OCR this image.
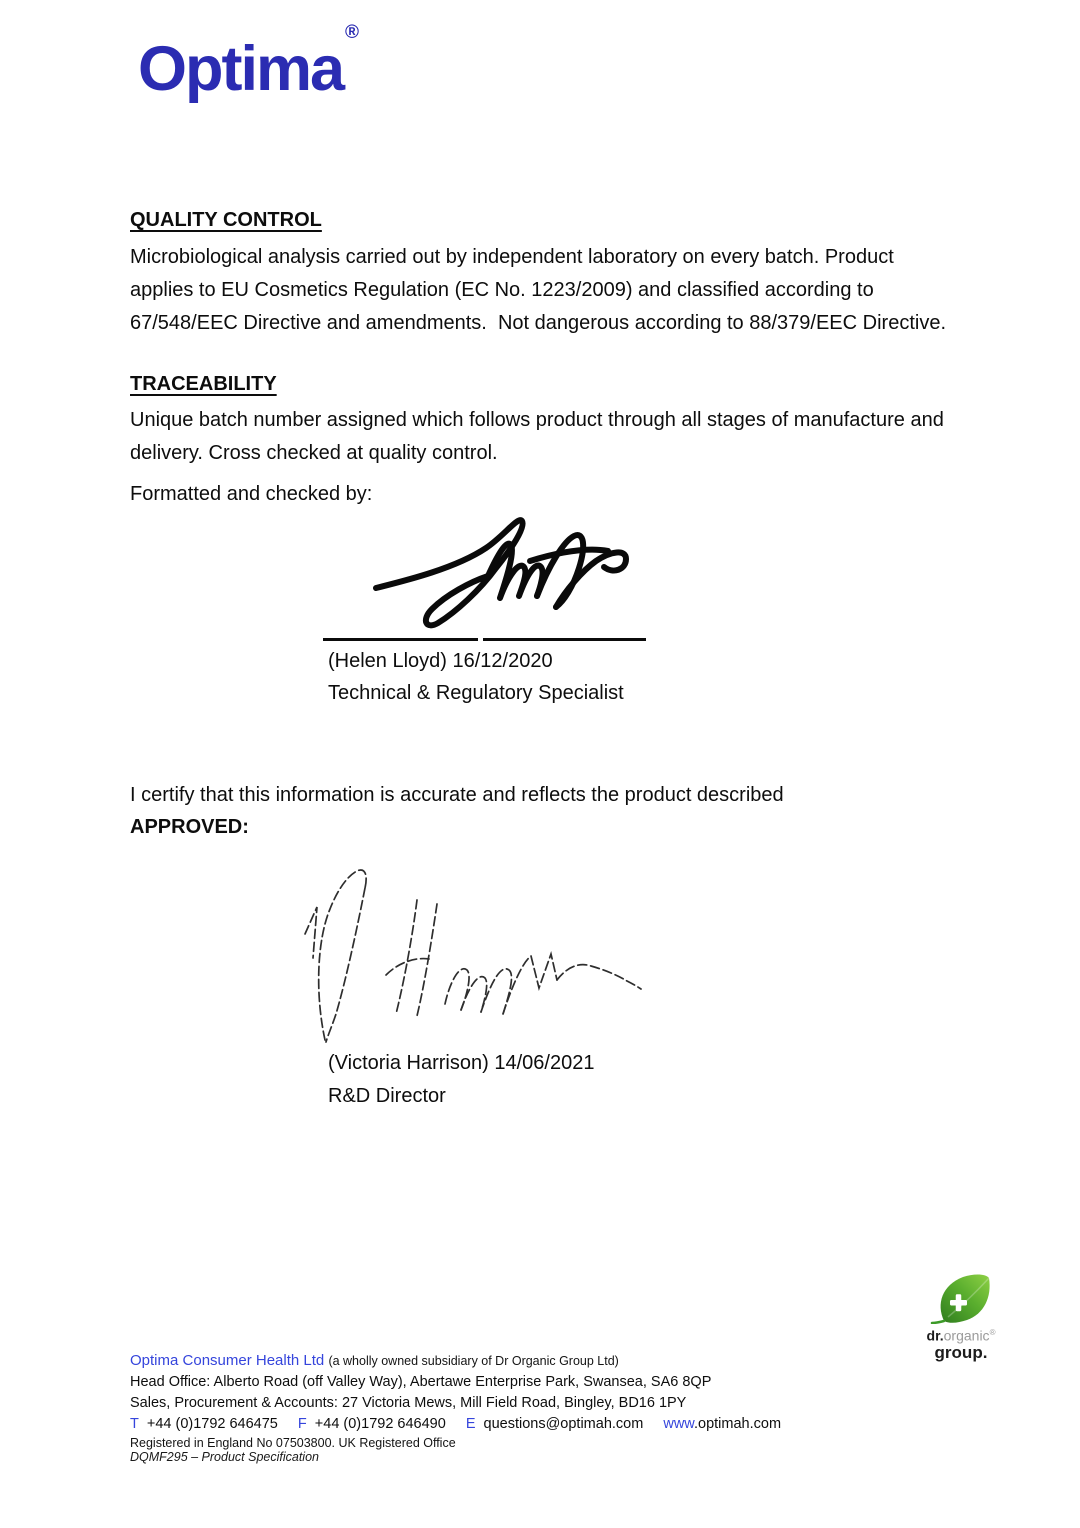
Optima®
QUALITY CONTROL
Microbiological analysis carried out by independent laboratory on every batch. Product applies to EU Cosmetics Regulation (EC No. 1223/2009) and classified according to 67/548/EEC Directive and amendments.  Not dangerous according to 88/379/EEC Directive.
TRACEABILITY
Unique batch number assigned which follows product through all stages of manufacture and delivery. Cross checked at quality control.
Formatted and checked by:
(Helen Lloyd) 16/12/2020
Technical & Regulatory Specialist
I certify that this information is accurate and reflects the product described
APPROVED:
(Victoria Harrison) 14/06/2021
R&D Director
dr.organic®
group.
Optima Consumer Health Ltd (a wholly owned subsidiary of Dr Organic Group Ltd)
Head Office: Alberto Road (off Valley Way), Abertawe Enterprise Park, Swansea, SA6 8QP
Sales, Procurement & Accounts: 27 Victoria Mews, Mill Field Road, Bingley, BD16 1PY
T +44 (0)1792 646475 F +44 (0)1792 646490 E questions@optimah.com www.optimah.com
Registered in England No 07503800. UK Registered Office
DQMF295 – Product Specification
